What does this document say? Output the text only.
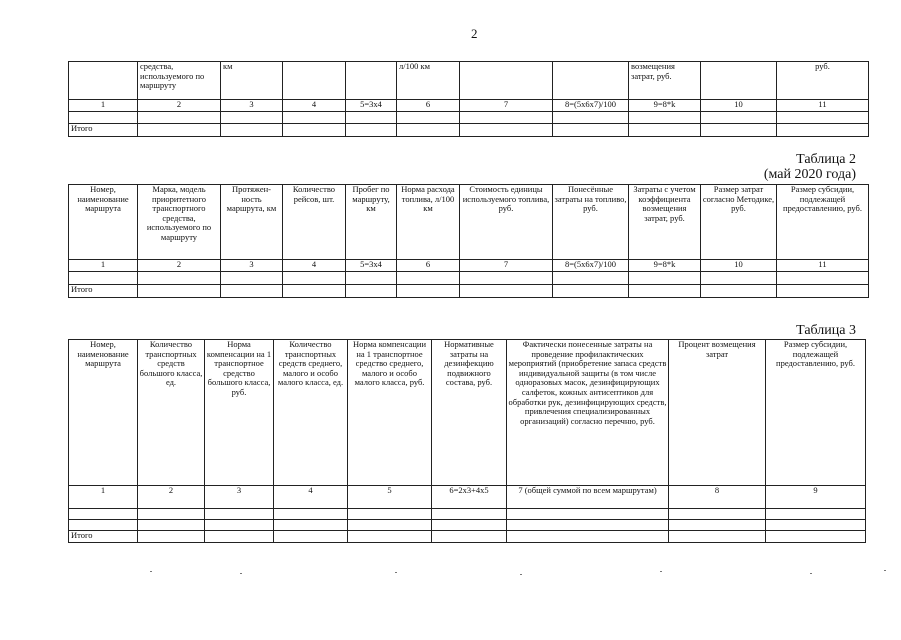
2
	средства, используемого по маршруту	км			л/100 км			возмещения затрат, руб.		руб.
1	2	3	4	5=3х4	6	7	8=(5х6х7)/100	9=8*k	10	11

Итого										
Таблица 2
(май 2020 года)
Номер, наименование маршрута	Марка, модель приоритетного транспортного средства, используемого по маршруту	Протяжен-ность маршрута, км	Количество рейсов, шт.	Пробег по маршруту, км	Норма расхода топлива, л/100 км	Стоимость единицы используемого топлива, руб.	Понесённые затраты на топливо, руб.	Затраты с учетом коэффициента возмещения затрат, руб.	Размер затрат согласно Методике, руб.	Размер субсидии, подлежащей предоставлению, руб.
1	2	3	4	5=3х4	6	7	8=(5х6х7)/100	9=8*k	10	11

Итого										
Таблица 3
Номер, наименование маршрута	Количество транспортных средств большого класса, ед.	Норма компенсации на 1 транспортное средство большого класса, руб.	Количество транспортных средств среднего, малого и особо малого класса, ед.	Норма компенсации на 1 транспортное средство среднего, малого и особо малого класса, руб.	Нормативные затраты на дезинфекцию подвижного состава, руб.	Фактически понесенные затраты на проведение профилактических мероприятий (приобретение запаса средств индивидуальной защиты (в том числе одноразовых масок, дезинфицирующих салфеток, кожных антисептиков для обработки рук, дезинфицирующих средств, привлечения специализированных организаций) согласно перечню, руб.	Процент возмещения затрат	Размер субсидии, подлежащей предоставлению, руб.
1	2	3	4	5	6=2х3+4х5	7 (общей суммой по всем маршрутам)	8	9

Итого								
